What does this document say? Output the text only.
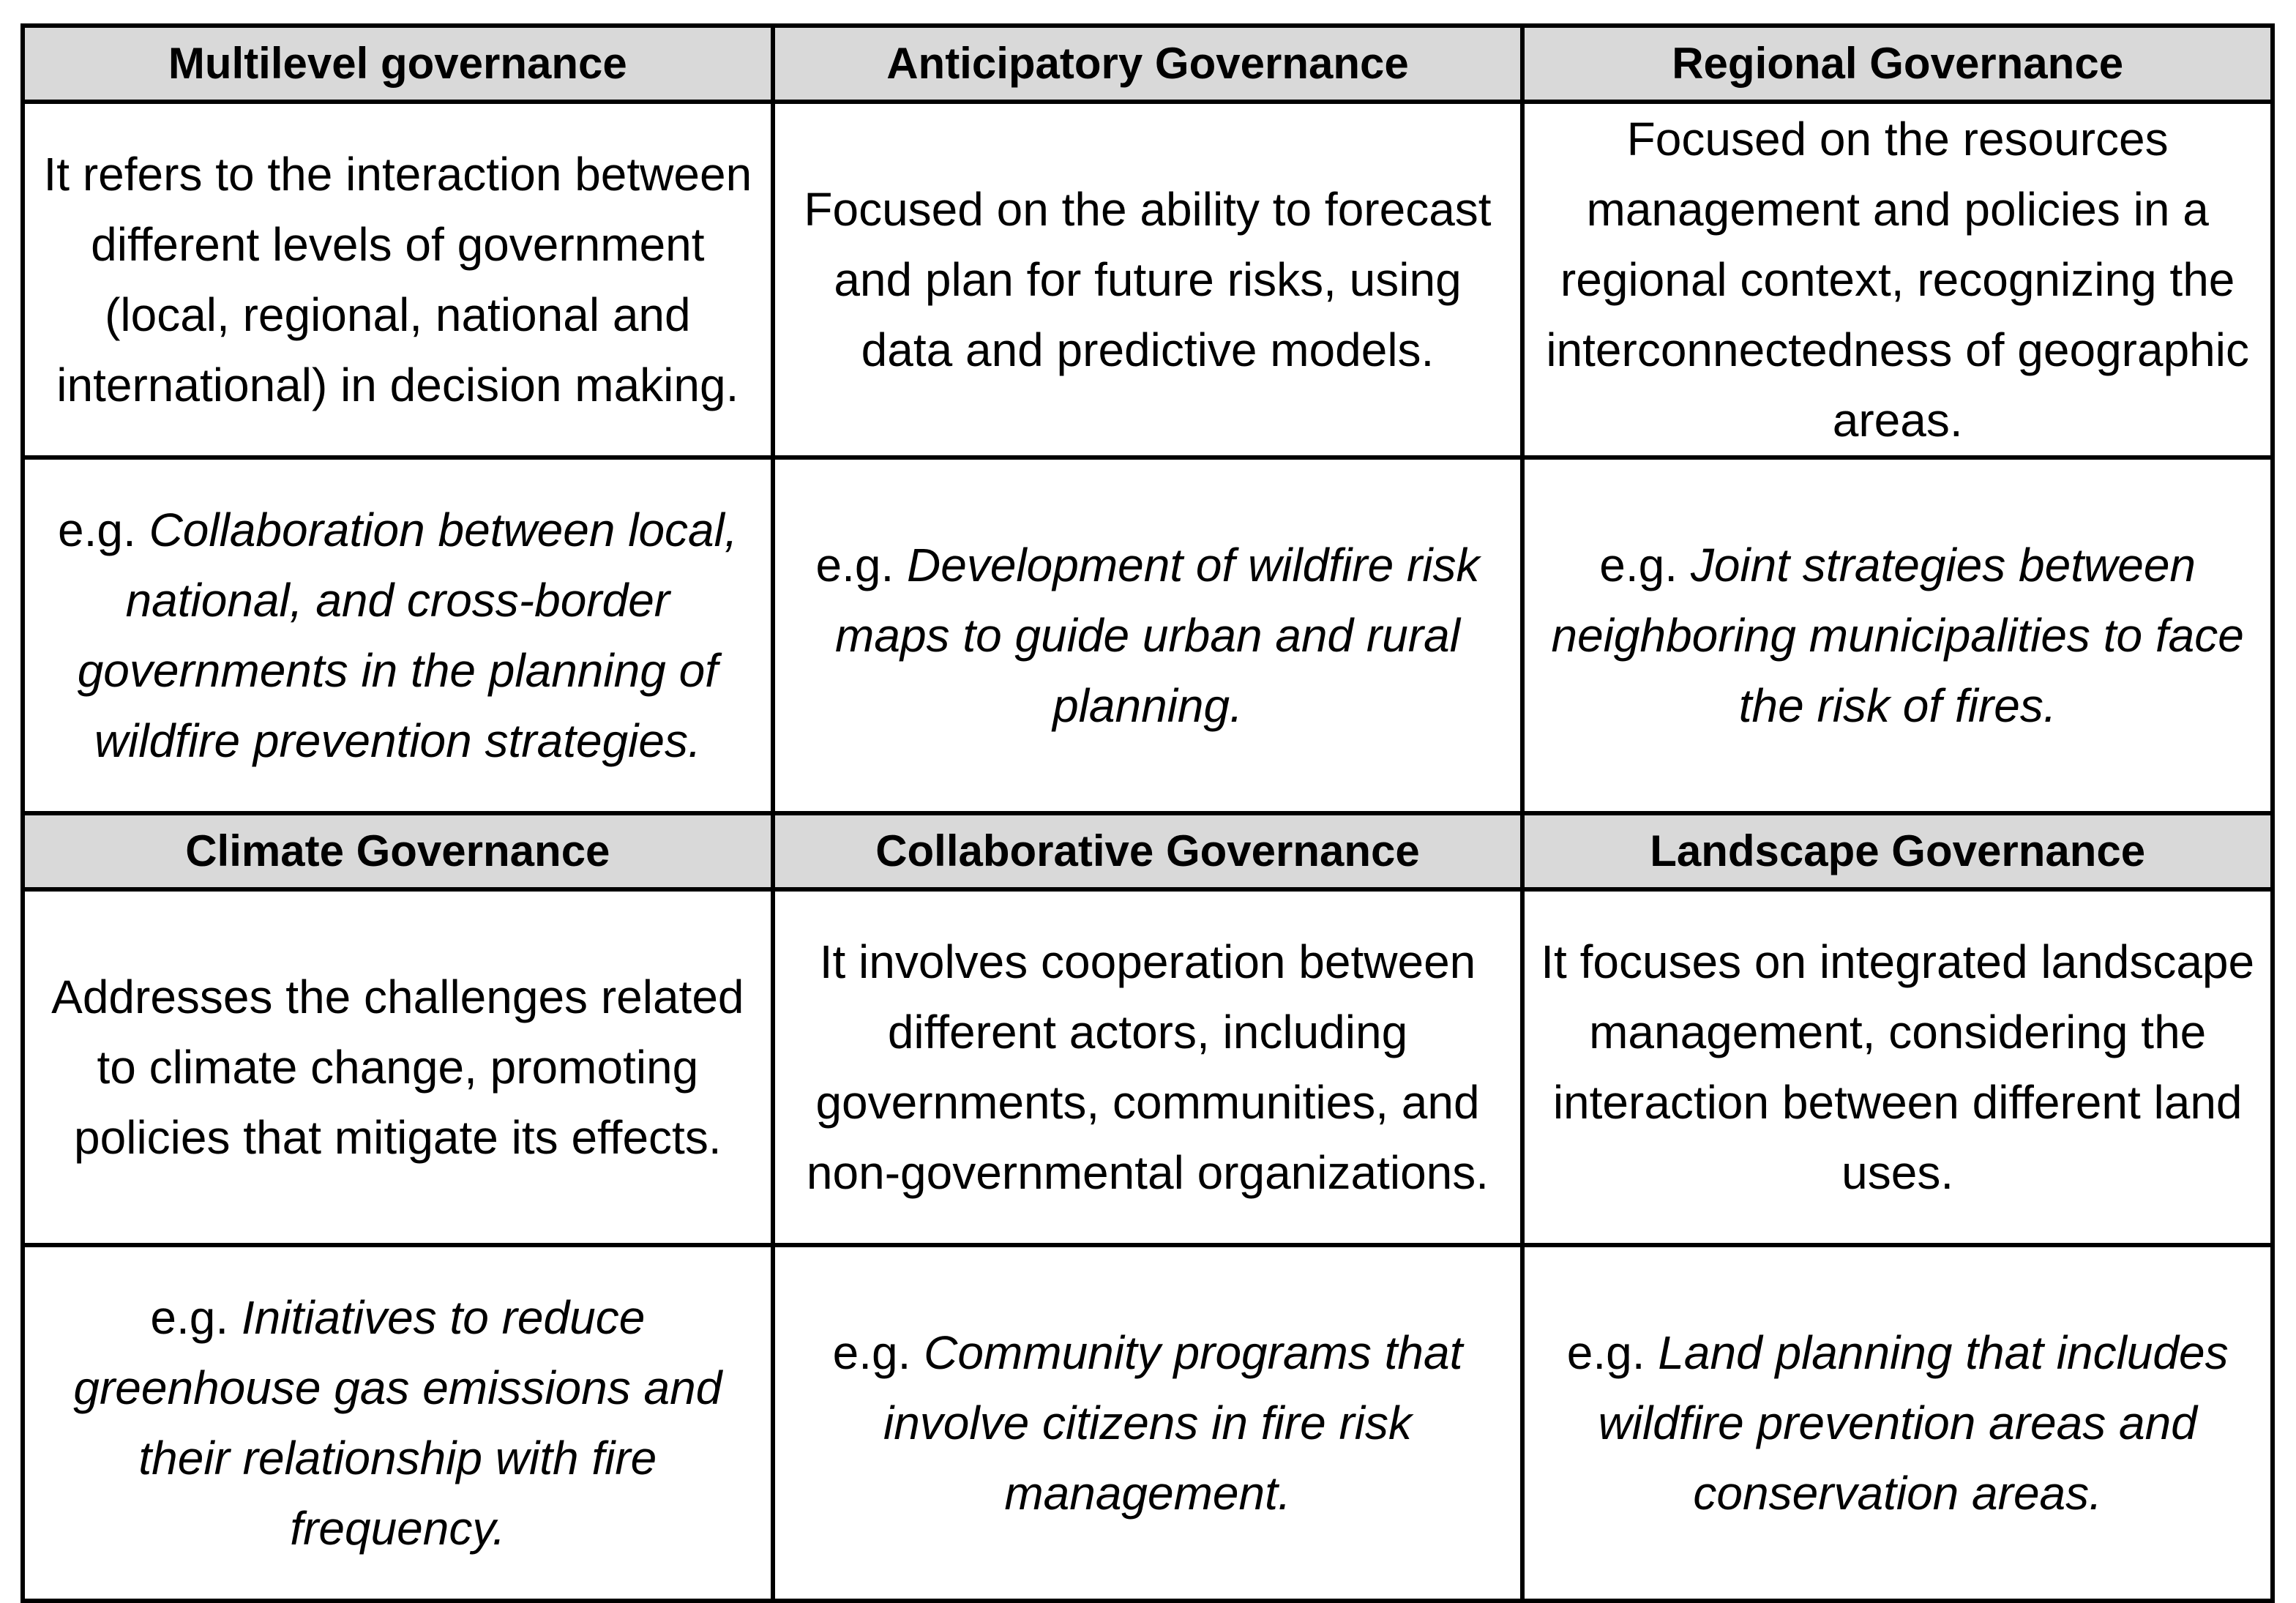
Multilevel governance	Anticipatory Governance	Regional Governance
It refers to the interaction between different levels of government (local, regional, national and international) in decision making.	Focused on the ability to forecast and plan for future risks, using data and predictive models.	Focused on the resources management and policies in a regional context, recognizing the interconnectedness of geographic areas.
e.g. Collaboration between local, national, and cross-border governments in the planning of wildfire prevention strategies.	e.g. Development of wildfire risk maps to guide urban and rural planning.	e.g. Joint strategies between neighboring municipalities to face the risk of fires.
Climate Governance	Collaborative Governance	Landscape Governance
Addresses the challenges related to climate change, promoting policies that mitigate its effects.	It involves cooperation between different actors, including governments, communities, and non-governmental organizations.	It focuses on integrated landscape management, considering the interaction between different land uses.
e.g. Initiatives to reduce greenhouse gas emissions and their relationship with fire frequency.	e.g. Community programs that involve citizens in fire risk management.	e.g. Land planning that includes wildfire prevention areas and conservation areas.
